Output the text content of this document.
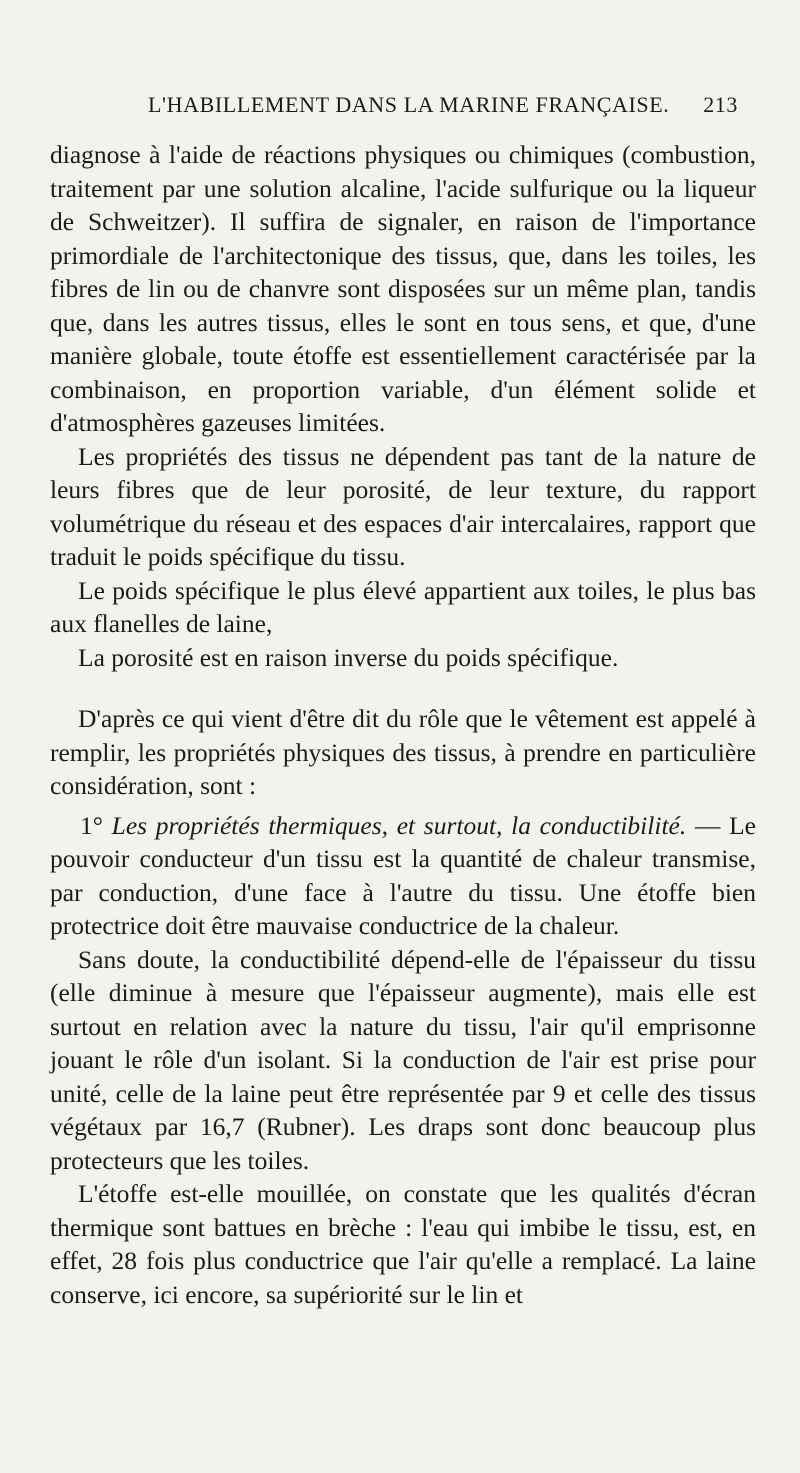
L'HABILLEMENT DANS LA MARINE FRANÇAISE. 213

diagnose à l'aide de réactions physiques ou chimiques (combustion, traitement par une solution alcaline, l'acide sulfurique ou la liqueur de Schweitzer). Il suffira de signaler, en raison de l'importance primordiale de l'architectonique des tissus, que, dans les toiles, les fibres de lin ou de chanvre sont disposées sur un même plan, tandis que, dans les autres tissus, elles le sont en tous sens, et que, d'une manière globale, toute étoffe est essentiellement caractérisée par la combinaison, en proportion variable, d'un élément solide et d'atmosphères gazeuses limitées.

Les propriétés des tissus ne dépendent pas tant de la nature de leurs fibres que de leur porosité, de leur texture, du rapport volumétrique du réseau et des espaces d'air intercalaires, rapport que traduit le poids spécifique du tissu.

Le poids spécifique le plus élevé appartient aux toiles, le plus bas aux flanelles de laine,

La porosité est en raison inverse du poids spécifique.

D'après ce qui vient d'être dit du rôle que le vêtement est appelé à remplir, les propriétés physiques des tissus, à prendre en particulière considération, sont :

1° Les propriétés thermiques, et surtout, la conductibilité. — Le pouvoir conducteur d'un tissu est la quantité de chaleur transmise, par conduction, d'une face à l'autre du tissu. Une étoffe bien protectrice doit être mauvaise conductrice de la chaleur.

Sans doute, la conductibilité dépend-elle de l'épaisseur du tissu (elle diminue à mesure que l'épaisseur augmente), mais elle est surtout en relation avec la nature du tissu, l'air qu'il emprisonne jouant le rôle d'un isolant. Si la conduction de l'air est prise pour unité, celle de la laine peut être représentée par 9 et celle des tissus végétaux par 16,7 (Rubner). Les draps sont donc beaucoup plus protecteurs que les toiles.

L'étoffe est-elle mouillée, on constate que les qualités d'écran thermique sont battues en brèche : l'eau qui imbibe le tissu, est, en effet, 28 fois plus conductrice que l'air qu'elle a remplacé. La laine conserve, ici encore, sa supériorité sur le lin et
